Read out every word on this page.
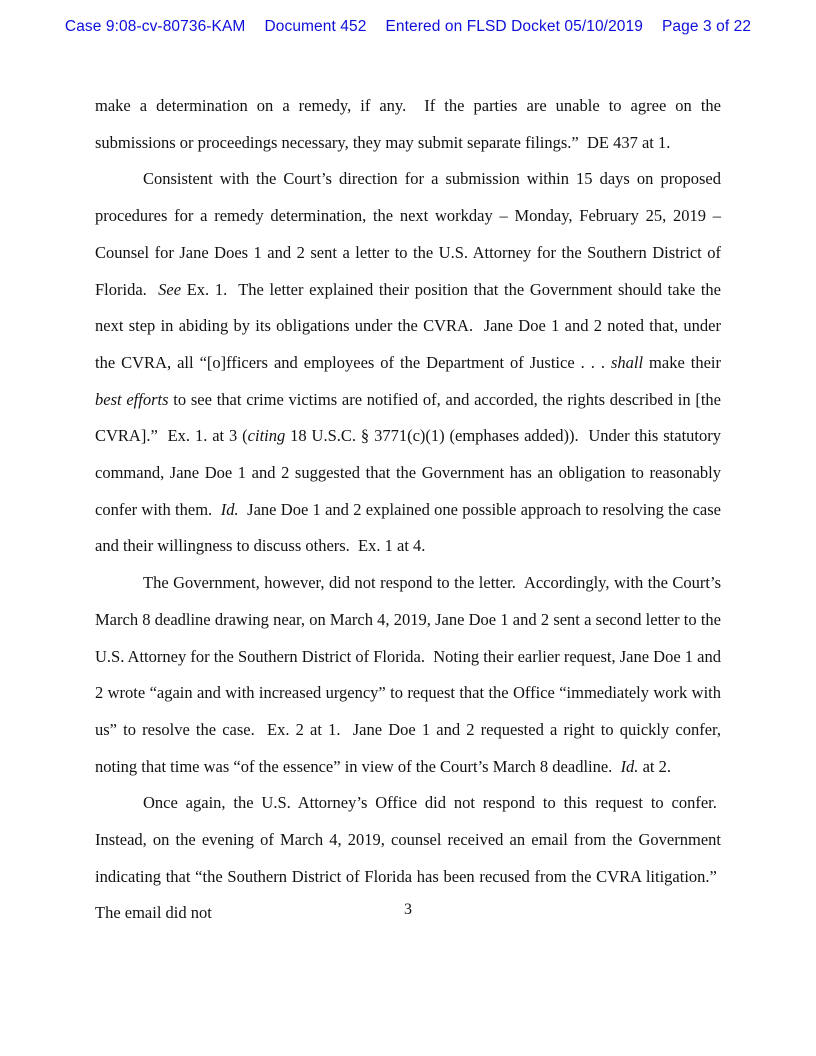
Case 9:08-cv-80736-KAM Document 452 Entered on FLSD Docket 05/10/2019 Page 3 of 22

make a determination on a remedy, if any.  If the parties are unable to agree on the submissions or proceedings necessary, they may submit separate filings.”  DE 437 at 1.

Consistent with the Court’s direction for a submission within 15 days on proposed procedures for a remedy determination, the next workday – Monday, February 25, 2019 – Counsel for Jane Does 1 and 2 sent a letter to the U.S. Attorney for the Southern District of Florida.  See Ex. 1.  The letter explained their position that the Government should take the next step in abiding by its obligations under the CVRA.  Jane Doe 1 and 2 noted that, under the CVRA, all “[o]fficers and employees of the Department of Justice . . . shall make their best efforts to see that crime victims are notified of, and accorded, the rights described in [the CVRA].”  Ex. 1. at 3 (citing 18 U.S.C. § 3771(c)(1) (emphases added)).  Under this statutory command, Jane Doe 1 and 2 suggested that the Government has an obligation to reasonably confer with them.  Id.  Jane Doe 1 and 2 explained one possible approach to resolving the case and their willingness to discuss others.  Ex. 1 at 4.

The Government, however, did not respond to the letter.  Accordingly, with the Court’s March 8 deadline drawing near, on March 4, 2019, Jane Doe 1 and 2 sent a second letter to the U.S. Attorney for the Southern District of Florida.  Noting their earlier request, Jane Doe 1 and 2 wrote “again and with increased urgency” to request that the Office “immediately work with us” to resolve the case.  Ex. 2 at 1.  Jane Doe 1 and 2 requested a right to quickly confer, noting that time was “of the essence” in view of the Court’s March 8 deadline.  Id. at 2.

Once again, the U.S. Attorney’s Office did not respond to this request to confer.  Instead, on the evening of March 4, 2019, counsel received an email from the Government indicating that “the Southern District of Florida has been recused from the CVRA litigation.”  The email did not	3
